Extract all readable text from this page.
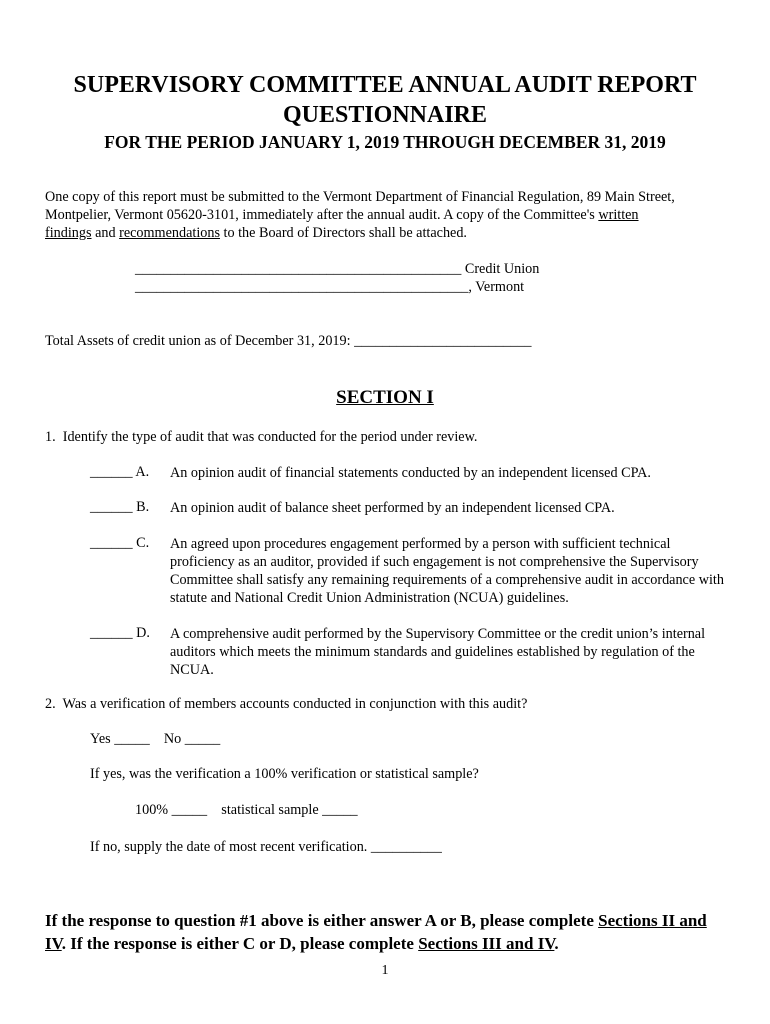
SUPERVISORY COMMITTEE ANNUAL AUDIT REPORT
QUESTIONNAIRE
FOR THE PERIOD JANUARY 1, 2019 THROUGH DECEMBER 31, 2019
One copy of this report must be submitted to the Vermont Department of Financial Regulation, 89 Main Street,
Montpelier, Vermont 05620-3101, immediately after the annual audit. A copy of the Committee's written
findings and recommendations to the Board of Directors shall be attached.
______________________________________________ Credit Union
_______________________________________________, Vermont
Total Assets of credit union as of December 31, 2019: _________________________
SECTION I
1.  Identify the type of audit that was conducted for the period under review.
______ A. An opinion audit of financial statements conducted by an independent licensed CPA.
______ B. An opinion audit of balance sheet performed by an independent licensed CPA.
______ C. An agreed upon procedures engagement performed by a person with sufficient technical proficiency as an auditor, provided if such engagement is not comprehensive the Supervisory Committee shall satisfy any remaining requirements of a comprehensive audit in accordance with statute and National Credit Union Administration (NCUA) guidelines.
______ D. A comprehensive audit performed by the Supervisory Committee or the credit union’s internal auditors which meets the minimum standards and guidelines established by regulation of the NCUA.
2.  Was a verification of members accounts conducted in conjunction with this audit?
Yes _____    No _____
If yes, was the verification a 100% verification or statistical sample?
100% _____    statistical sample _____
If no, supply the date of most recent verification. __________
If the response to question #1 above is either answer A or B, please complete Sections II and IV. If the response is either C or D, please complete Sections III and IV.
1
